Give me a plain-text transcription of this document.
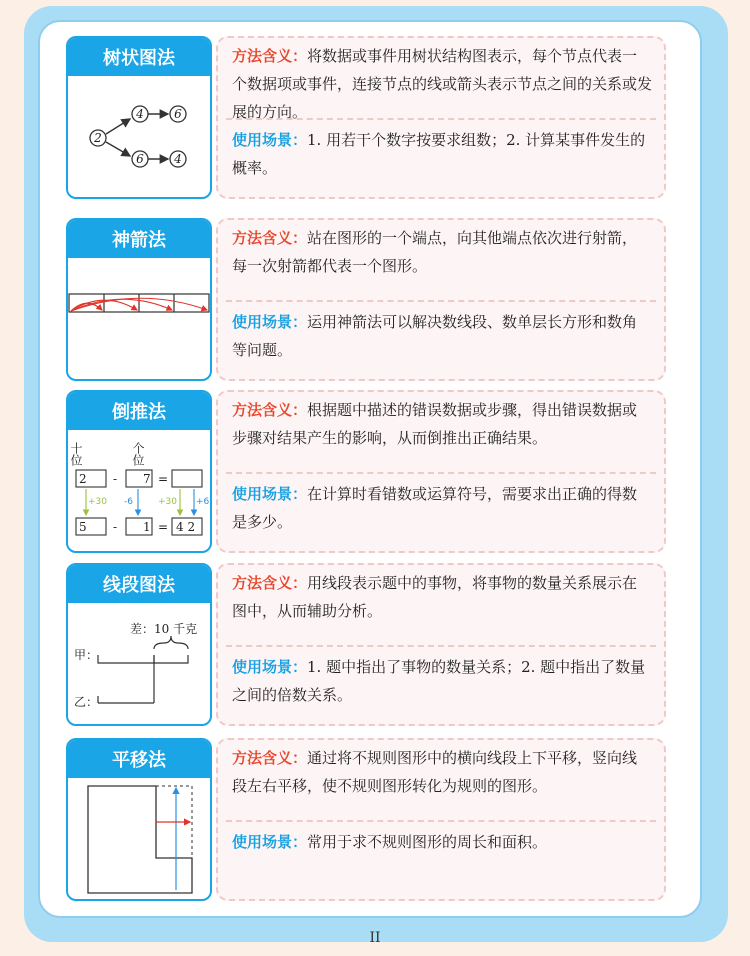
树状图法
2
4	6
6	4
方法含义：将数据或事件用树状结构图表示，每个节点代表一个数据项或事件，连接节点的线或箭头表示节点之间的关系或发展的方向。
使用场景：1. 用若干个数字按要求组数；2. 计算某事件发生的概率。
神箭法	方法含义：站在图形的一个端点，向其他端点依次进行射箭，每一次射箭都代表一个图形。
使用场景：运用神箭法可以解决数线段、数单层长方形和数角等问题。
倒推法
十位	个位
2 - 7 =
5 - 1 = 4 2
+30 -6	+30 +6
方法含义：根据题中描述的错误数据或步骤，得出错误数据或步骤对结果产生的影响，从而倒推出正确结果。
使用场景：在计算时看错数或运算符号，需要求出正确的得数是多少。
线段图法
差：10 千克
甲：
乙：
方法含义：用线段表示题中的事物，将事物的数量关系展示在图中，从而辅助分析。
使用场景：1. 题中指出了事物的数量关系；2. 题中指出了数量之间的倍数关系。
平移法	方法含义：通过将不规则图形中的横向线段上下平移，竖向线段左右平移，使不规则图形转化为规则的图形。
使用场景：常用于求不规则图形的周长和面积。
II
